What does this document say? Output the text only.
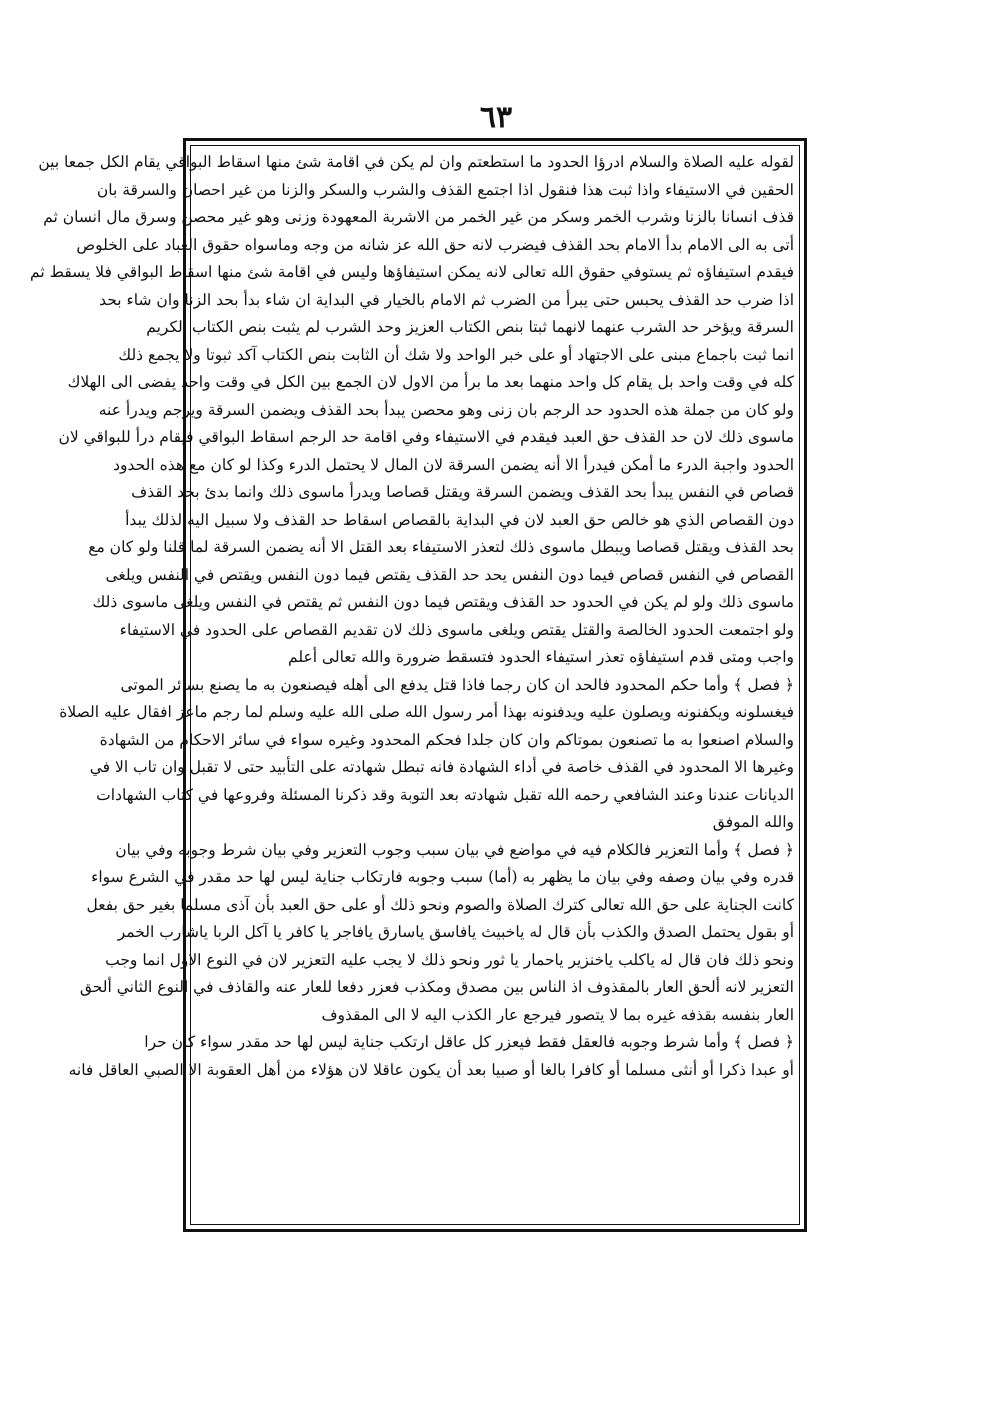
٦٣
لقوله عليه الصلاة والسلام ادرؤا الحدود ما استطعتم وان لم يكن في اقامة شئ منها اسقاط البواقي يقام الكل جمعا بين
الحقين في الاستيفاء واذا ثبت هذا فنقول اذا اجتمع القذف والشرب والسكر والزنا من غير احصان والسرقة بان
قذف انسانا بالزنا وشرب الخمر وسكر من غير الخمر من الاشربة المعهودة وزنى وهو غير محصن وسرق مال انسان ثم
أتى به الى الامام بدأ الامام بحد القذف فيضرب لانه حق الله عز شانه من وجه وماسواه حقوق العباد على الخلوص
فيقدم استيفاؤه ثم يستوفي حقوق الله تعالى لانه يمكن استيفاؤها وليس في اقامة شئ منها اسقاط البواقي فلا يسقط ثم
اذا ضرب حد القذف يحبس حتى يبرأ من الضرب ثم الامام بالخيار في البداية ان شاء بدأ بحد الزنا وان شاء بحد
السرقة ويؤخر حد الشرب عنهما لانهما ثبتا بنص الكتاب العزيز وحد الشرب لم يثبت بنص الكتاب الكريم
انما ثبت باجماع مبنى على الاجتهاد أو على خبر الواحد ولا شك أن الثابت بنص الكتاب آكد ثبوتا ولا يجمع ذلك
كله في وقت واحد بل يقام كل واحد منهما بعد ما برأ من الاول لان الجمع بين الكل في وقت واحد يفضى الى الهلاك
ولو كان من جملة هذه الحدود حد الرجم بان زنى وهو محصن يبدأ بحد القذف ويضمن السرقة ويرجم ويدرأ عنه
ماسوى ذلك لان حد القذف حق العبد فيقدم في الاستيفاء وفي اقامة حد الرجم اسقاط البواقي فيقام درأ للبواقي لان
الحدود واجبة الدرء ما أمكن فيدرأ الا أنه يضمن السرقة لان المال لا يحتمل الدرء وكذا لو كان مع هذه الحدود
قصاص في النفس يبدأ بحد القذف ويضمن السرقة ويقتل قصاصا ويدرأ ماسوى ذلك وانما بدئ بحد القذف
دون القصاص الذي هو خالص حق العبد لان في البداية بالقصاص اسقاط حد القذف ولا سبيل اليه لذلك يبدأ
بحد القذف ويقتل قصاصا ويبطل ماسوى ذلك لتعذر الاستيفاء بعد القتل الا أنه يضمن السرقة لما قلنا ولو كان مع
القصاص في النفس قصاص فيما دون النفس يحد حد القذف يقتص فيما دون النفس ويقتص في النفس ويلغى
ماسوى ذلك ولو لم يكن في الحدود حد القذف ويقتص فيما دون النفس ثم يقتص في النفس ويلغى ماسوى ذلك
ولو اجتمعت الحدود الخالصة والقتل يقتص ويلغى ماسوى ذلك لان تقديم القصاص على الحدود في الاستيفاء
واجب ومتى قدم استيفاؤه تعذر استيفاء الحدود فتسقط ضرورة والله تعالى أعلم
﴿ فصل ﴾ وأما حكم المحدود فالحد ان كان رجما فاذا قتل يدفع الى أهله فيصنعون به ما يصنع بسائر الموتى
فيغسلونه ويكفنونه ويصلون عليه ويدفنونه بهذا أمر رسول الله صلى الله عليه وسلم لما رجم ماعز افقال عليه الصلاة
والسلام اصنعوا به ما تصنعون بموتاكم وان كان جلدا فحكم المحدود وغيره سواء في سائر الاحكام من الشهادة
وغيرها الا المحدود في القذف خاصة في أداء الشهادة فانه تبطل شهادته على التأبيد حتى لا تقبل وان تاب الا في
الديانات عندنا وعند الشافعي رحمه الله تقبل شهادته بعد التوبة وقد ذكرنا المسئلة وفروعها في كتاب الشهادات
والله الموفق
﴿ فصل ﴾ وأما التعزير فالكلام فيه في مواضع في بيان سبب وجوب التعزير وفي بيان شرط وجوبه وفي بيان
قدره وفي بيان وصفه وفي بيان ما يظهر به (أما) سبب وجوبه فارتكاب جناية ليس لها حد مقدر في الشرع سواء
كانت الجناية على حق الله تعالى كترك الصلاة والصوم ونحو ذلك أو على حق العبد بأن آذى مسلما بغير حق بفعل
أو بقول يحتمل الصدق والكذب بأن قال له ياخبيث يافاسق ياسارق يافاجر يا كافر يا آكل الربا ياشارب الخمر
ونحو ذلك فان قال له ياكلب ياخنزير ياحمار يا ثور ونحو ذلك لا يجب عليه التعزير لان في النوع الاول انما وجب
التعزير لانه ألحق العار بالمقذوف اذ الناس بين مصدق ومكذب فعزر دفعا للعار عنه والقاذف في النوع الثاني ألحق
العار بنفسه بقذفه غيره بما لا يتصور فيرجع عار الكذب اليه لا الى المقذوف
﴿ فصل ﴾ وأما شرط وجوبه فالعقل فقط فيعزر كل عاقل ارتكب جناية ليس لها حد مقدر سواء كان حرا
أو عبدا ذكرا أو أنثى مسلما أو كافرا بالغا أو صبيا بعد أن يكون عاقلا لان هؤلاء من أهل العقوبة الا الصبي العاقل فانه
